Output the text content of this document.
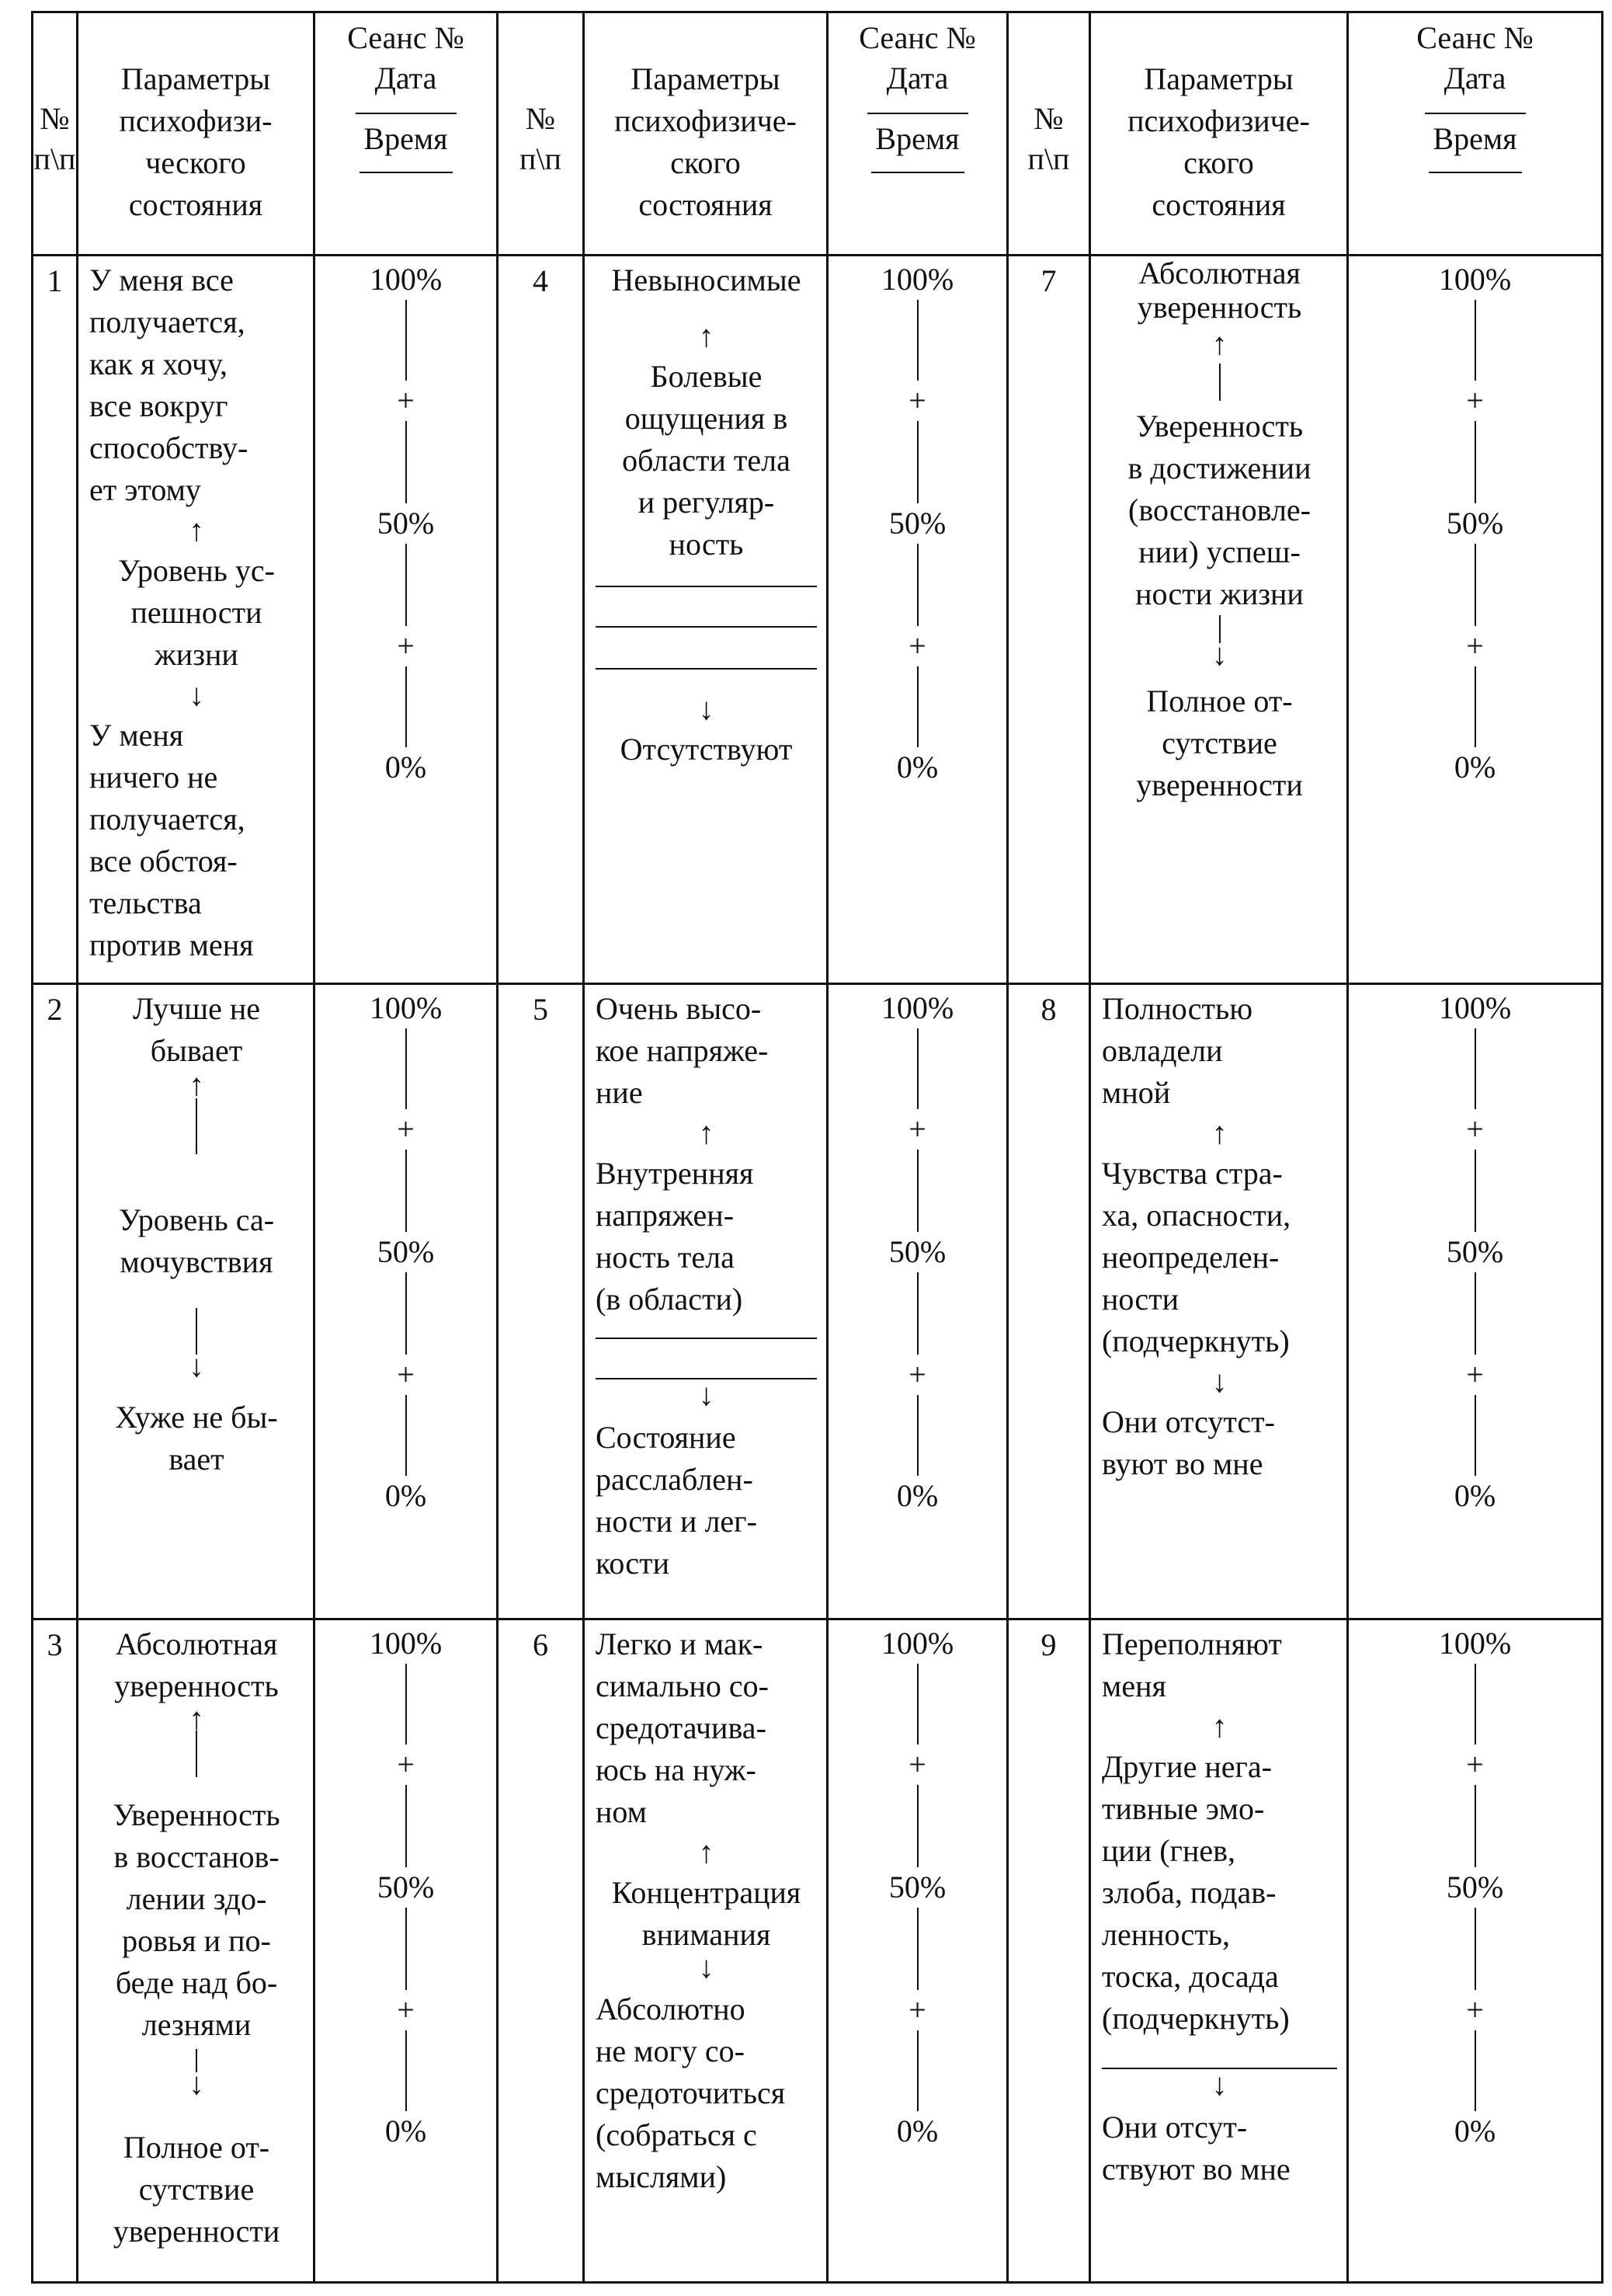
№
п\п

Параметры
психофизи-
ческого
состояния

Сеанс №
Дата
Время

№
п\п

Параметры
психофизиче-
ского
состояния

Сеанс №
Дата
Время

№
п\п

Параметры
психофизиче-
ского
состояния

Сеанс №
Дата
Время

1	У меня все
получается,
как я хочу,
все вокруг
способству-
ет этому
↑
Уровень ус-
пешности
жизни
↓
У меня
ничего не
получается,
все обстоя-
тельства
против меня

100%
+
50%
+
0%

4	Невыносимые
↑
Болевые
ощущения в
области тела
и регуляр-
ность
↓
Отсутствуют

100%
+
50%
+
0%

7	Абсолютная
уверенность
↑
Уверенность
в достижении
(восстановле-
нии) успеш-
ности жизни
↓
Полное от-
сутствие
уверенности

100%
+
50%
+
0%

2	Лучше не
бывает
↑
Уровень са-
мочувствия
↓
Хуже не бы-
вает

100%
+
50%
+
0%

5	Очень высо-
кое напряже-
ние
↑
Внутренняя
напряжен-
ность тела
(в области)
↓
Состояние
расслаблен-
ности и лег-
кости

100%
+
50%
+
0%

8	Полностью
овладели
мной
↑
Чувства стра-
ха, опасности,
неопределен-
ности
(подчеркнуть)
↓
Они отсутст-
вуют во мне

100%
+
50%
+
0%

3	Абсолютная
уверенность
↑
Уверенность
в восстанов-
лении здо-
ровья и по-
беде над бо-
лезнями
↓
Полное от-
сутствие
уверенности

100%
+
50%
+
0%

6	Легко и мак-
симально со-
средотачива-
юсь на нуж-
ном
↑
Концентрация
внимания
↓
Абсолютно
не могу со-
средоточиться
(собраться с
мыслями)

100%
+
50%
+
0%

9	Переполняют
меня
↑
Другие нега-
тивные эмо-
ции (гнев,
злоба, подав-
ленность,
тоска, досада
(подчеркнуть)
↓
Они отсут-
ствуют во мне

100%
+
50%
+
0%
